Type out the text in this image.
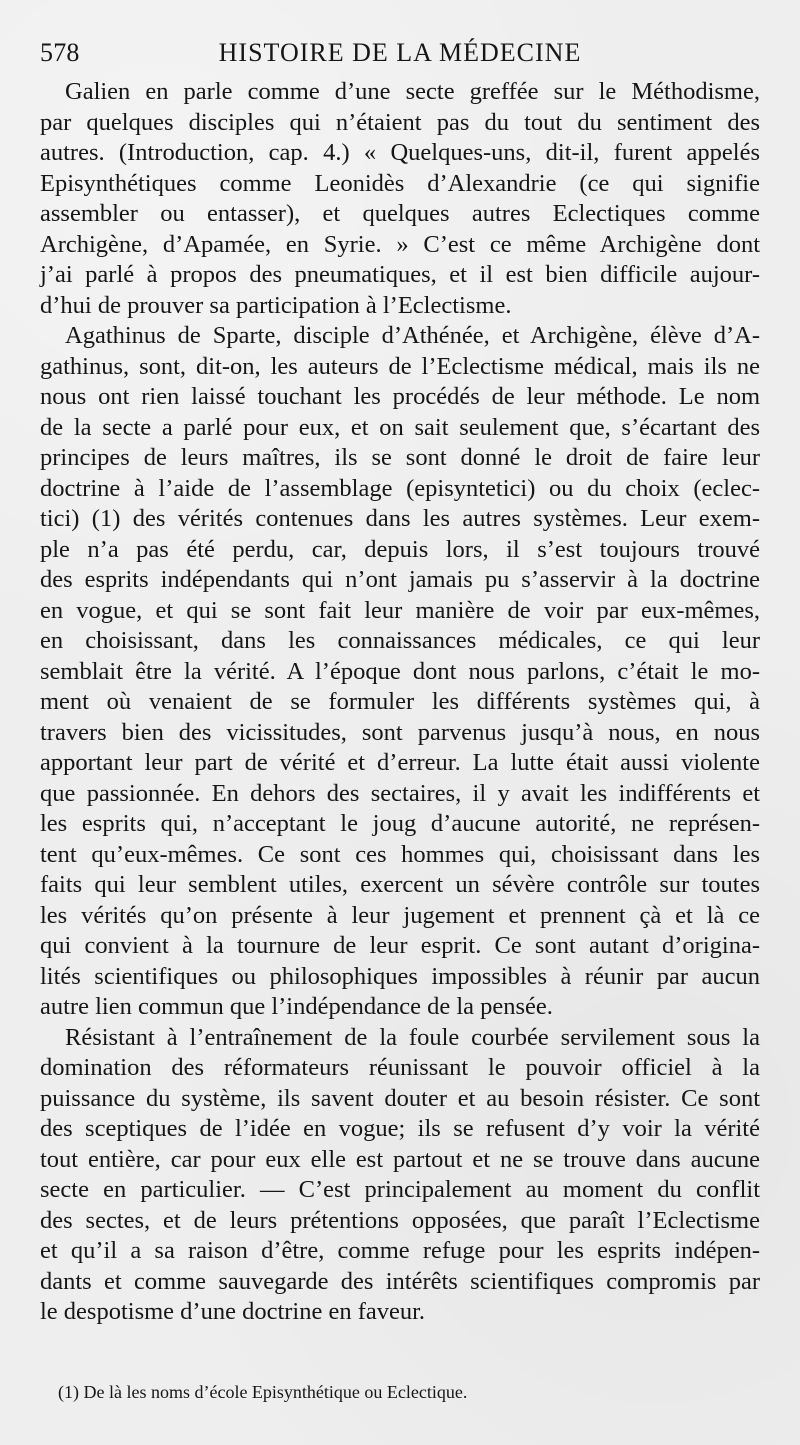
578	HISTOIRE DE LA MÉDECINE
Galien en parle comme d’une secte greffée sur le Méthodisme,
par quelques disciples qui n’étaient pas du tout du sentiment des
autres. (Introduction, cap. 4.) « Quelques-uns, dit-il, furent appelés
Episynthétiques comme Leonidès d’Alexandrie (ce qui signifie
assembler ou entasser), et quelques autres Eclectiques comme
Archigène, d’Apamée, en Syrie. » C’est ce même Archigène dont
j’ai parlé à propos des pneumatiques, et il est bien difficile aujour-
d’hui de prouver sa participation à l’Eclectisme.
Agathinus de Sparte, disciple d’Athénée, et Archigène, élève d’A-
gathinus, sont, dit-on, les auteurs de l’Eclectisme médical, mais ils ne
nous ont rien laissé touchant les procédés de leur méthode. Le nom
de la secte a parlé pour eux, et on sait seulement que, s’écartant des
principes de leurs maîtres, ils se sont donné le droit de faire leur
doctrine à l’aide de l’assemblage (episyntetici) ou du choix (eclec-
tici) (1) des vérités contenues dans les autres systèmes. Leur exem-
ple n’a pas été perdu, car, depuis lors, il s’est toujours trouvé
des esprits indépendants qui n’ont jamais pu s’asservir à la doctrine
en vogue, et qui se sont fait leur manière de voir par eux-mêmes,
en choisissant, dans les connaissances médicales, ce qui leur
semblait être la vérité. A l’époque dont nous parlons, c’était le mo-
ment où venaient de se formuler les différents systèmes qui, à
travers bien des vicissitudes, sont parvenus jusqu’à nous, en nous
apportant leur part de vérité et d’erreur. La lutte était aussi violente
que passionnée. En dehors des sectaires, il y avait les indifférents et
les esprits qui, n’acceptant le joug d’aucune autorité, ne représen-
tent qu’eux-mêmes. Ce sont ces hommes qui, choisissant dans les
faits qui leur semblent utiles, exercent un sévère contrôle sur toutes
les vérités qu’on présente à leur jugement et prennent çà et là ce
qui convient à la tournure de leur esprit. Ce sont autant d’origina-
lités scientifiques ou philosophiques impossibles à réunir par aucun
autre lien commun que l’indépendance de la pensée.
Résistant à l’entraînement de la foule courbée servilement sous la
domination des réformateurs réunissant le pouvoir officiel à la
puissance du système, ils savent douter et au besoin résister. Ce sont
des sceptiques de l’idée en vogue; ils se refusent d’y voir la vérité
tout entière, car pour eux elle est partout et ne se trouve dans aucune
secte en particulier. — C’est principalement au moment du conflit
des sectes, et de leurs prétentions opposées, que paraît l’Eclectisme
et qu’il a sa raison d’être, comme refuge pour les esprits indépen-
dants et comme sauvegarde des intérêts scientifiques compromis par
le despotisme d’une doctrine en faveur.
(1) De là les noms d’école Episynthétique ou Eclectique.
